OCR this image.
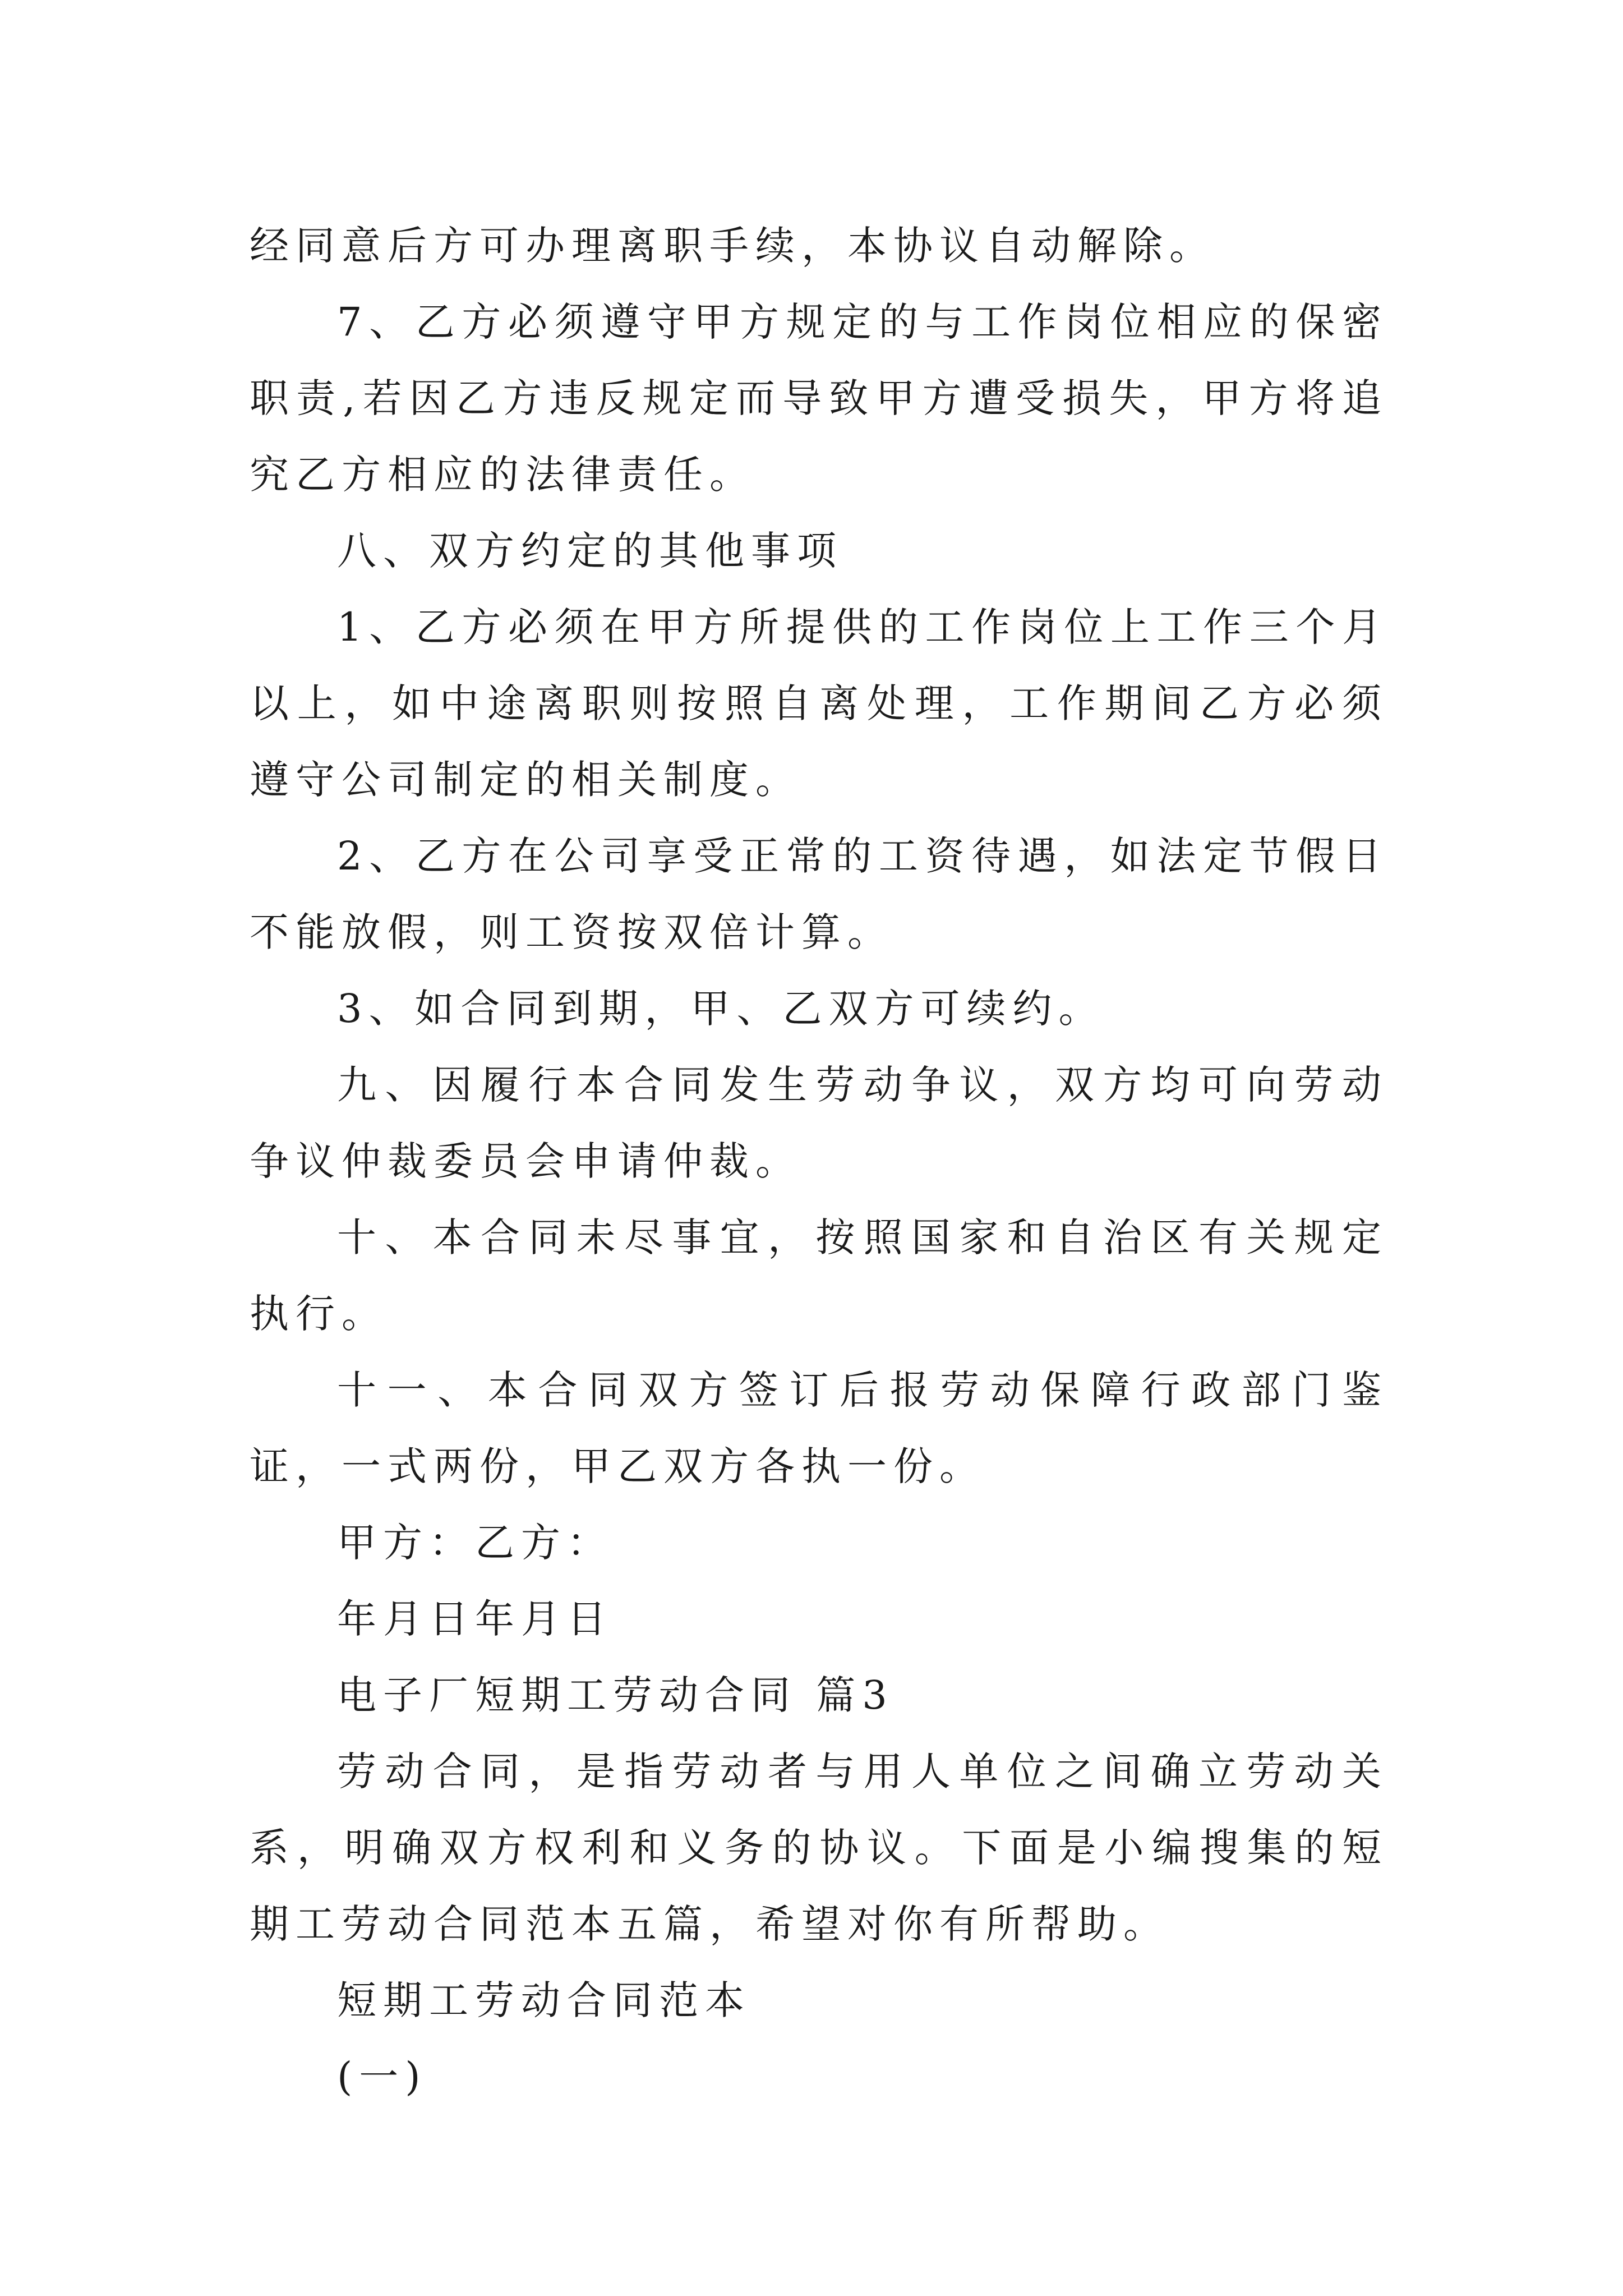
经同意后方可办理离职手续，本协议自动解除。

7、乙方必须遵守甲方规定的与工作岗位相应的保密职责,若因乙方违反规定而导致甲方遭受损失，甲方将追究乙方相应的法律责任。

八、双方约定的其他事项

1、乙方必须在甲方所提供的工作岗位上工作三个月以上，如中途离职则按照自离处理，工作期间乙方必须遵守公司制定的相关制度。

2、乙方在公司享受正常的工资待遇，如法定节假日不能放假，则工资按双倍计算。

3、如合同到期，甲、乙双方可续约。

九、因履行本合同发生劳动争议，双方均可向劳动争议仲裁委员会申请仲裁。

十、本合同未尽事宜，按照国家和自治区有关规定执行。

十一、本合同双方签订后报劳动保障行政部门鉴证，一式两份，甲乙双方各执一份。

甲方：乙方：

年月日年月日

电子厂短期工劳动合同 篇3

劳动合同，是指劳动者与用人单位之间确立劳动关系，明确双方权利和义务的协议。下面是小编搜集的短期工劳动合同范本五篇，希望对你有所帮助。

短期工劳动合同范本

(一)
